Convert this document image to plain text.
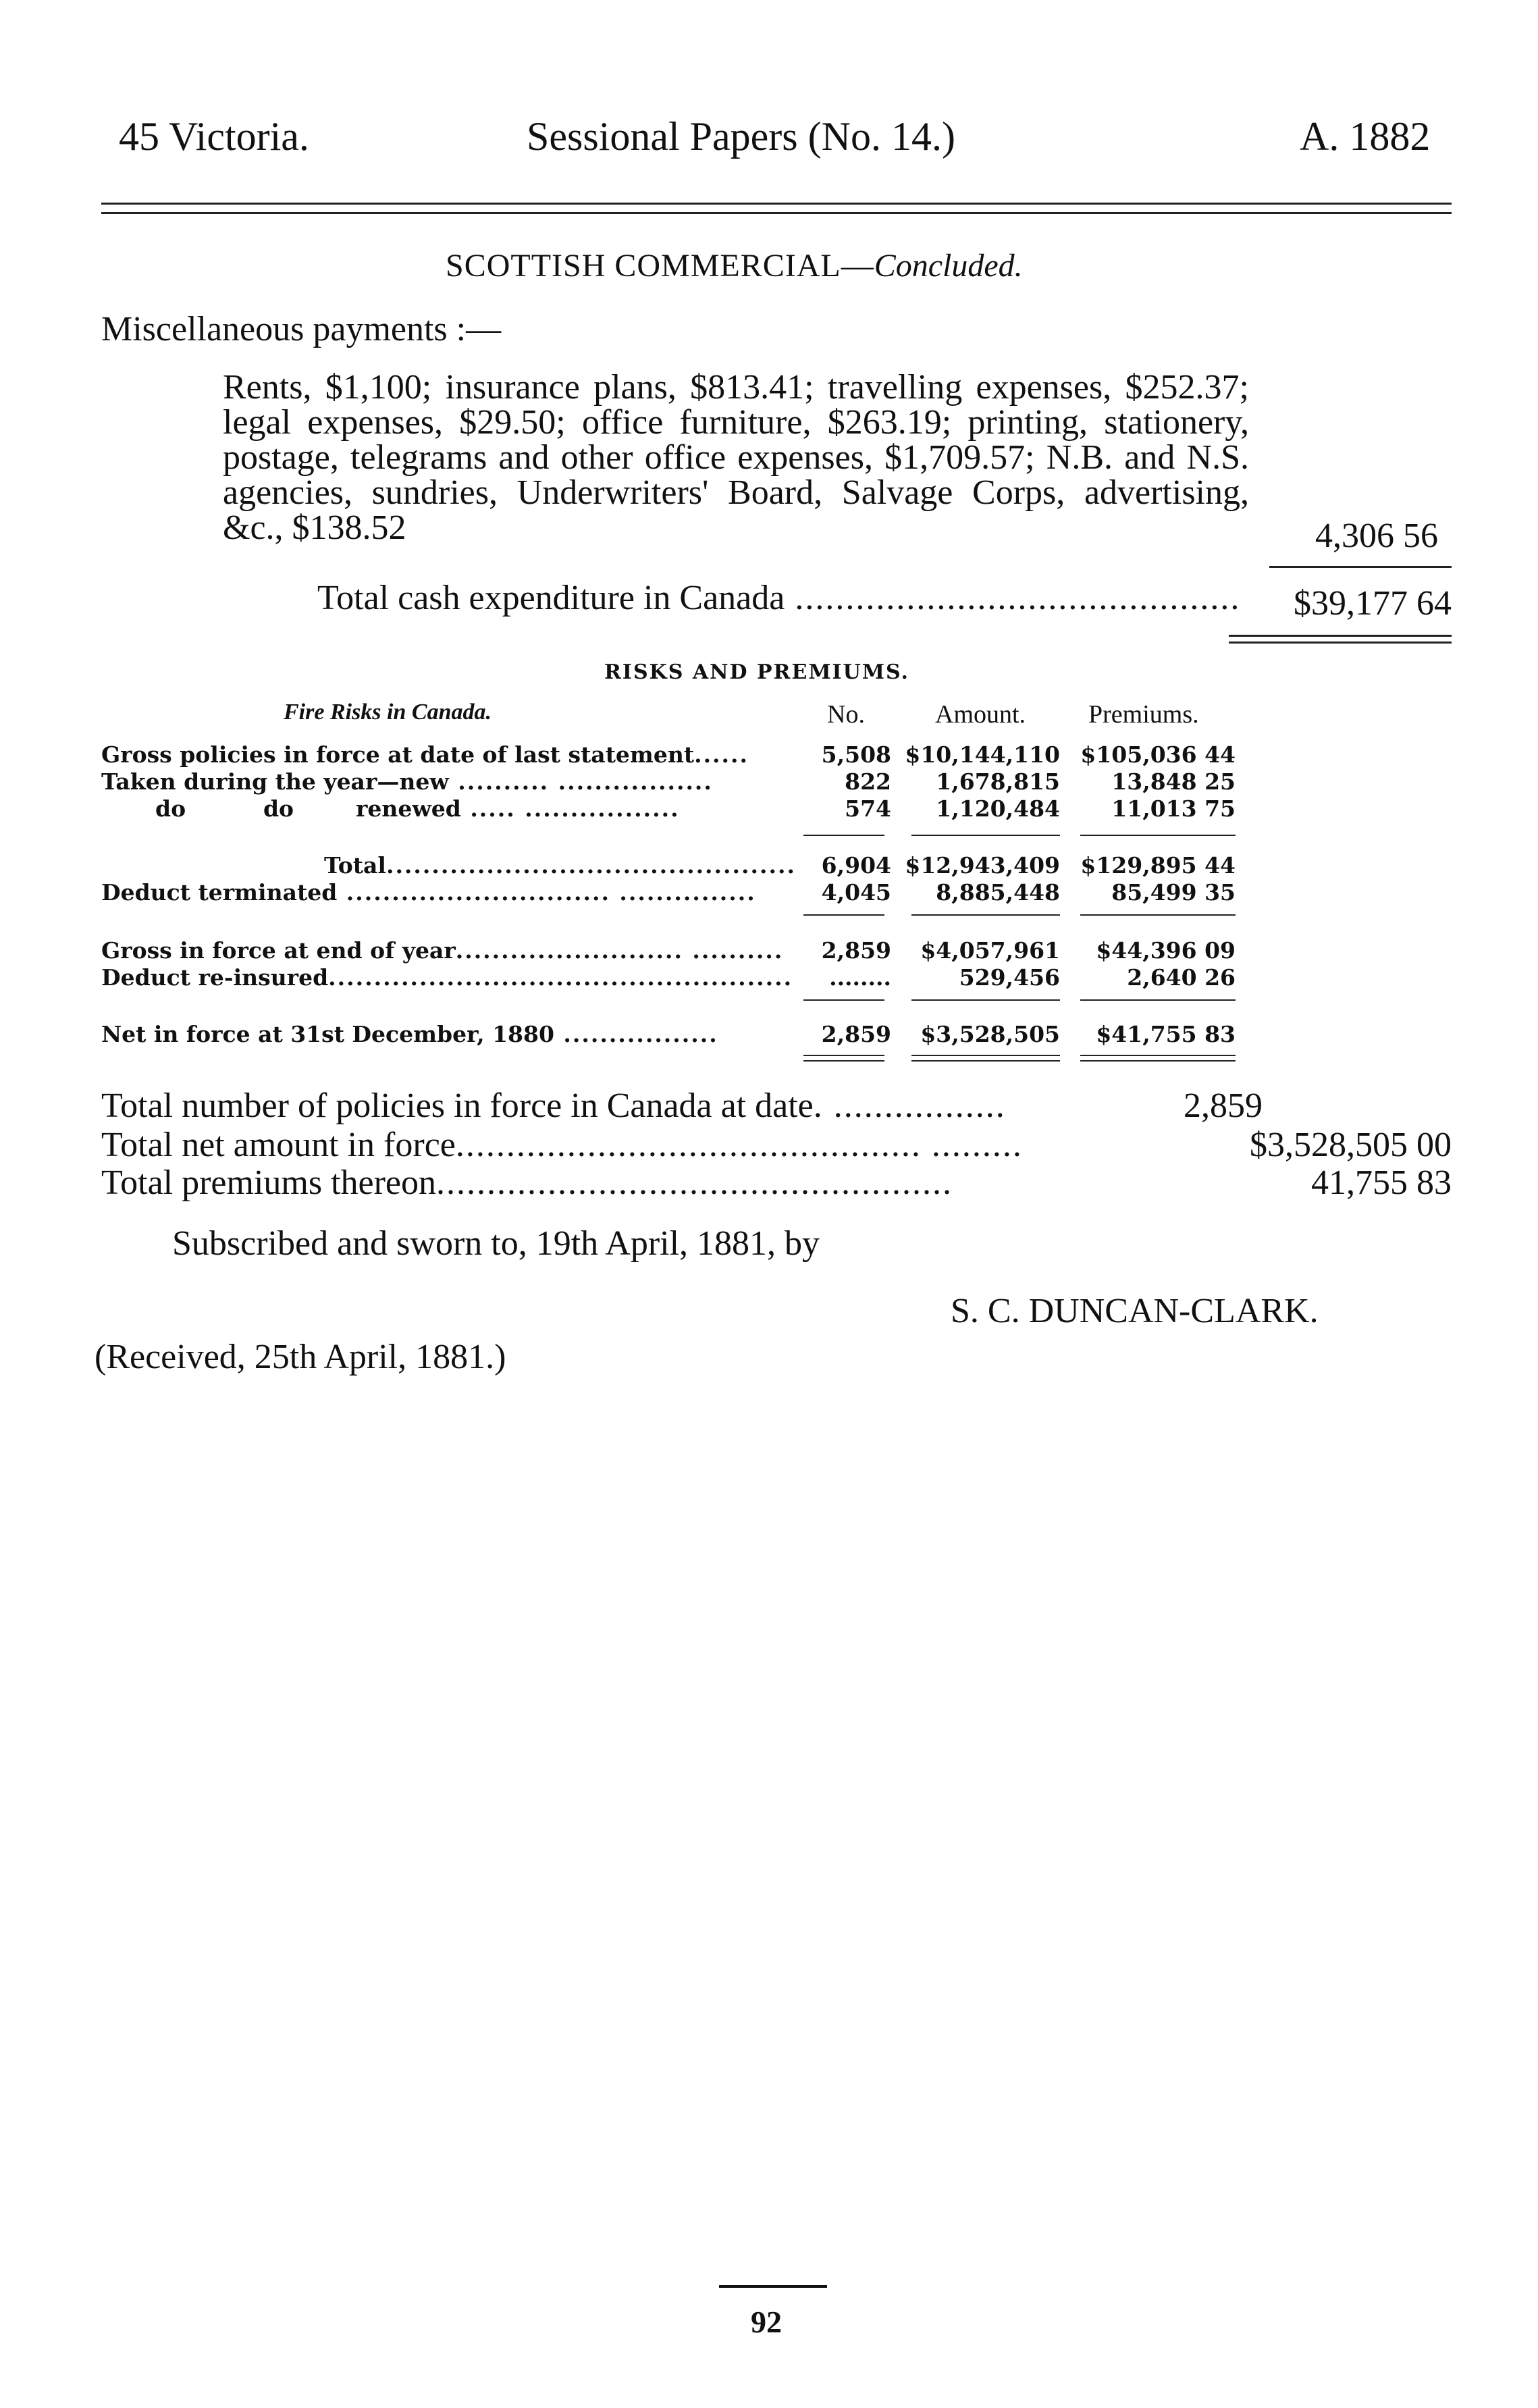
45 Victoria.	Sessional Papers (No. 14.)	A. 1882
SCOTTISH COMMERCIAL—Concluded.
Miscellaneous payments :—
Rents, $1,100; insurance plans, $813.41; travelling expenses, $252.37; legal expenses, $29.50; office furniture, $263.19; printing, stationery, postage, telegrams and other office expenses, $1,709.57; N.B. and N.S. agencies, sundries, Underwriters' Board, Salvage Corps, advertising, &c., $138.52	4,306 56
Total cash expenditure in Canada ............................................	$39,177 64
RISKS AND PREMIUMS.
Fire Risks in Canada.	No.	Amount. Premiums.
Gross policies in force at date of last statement......	5,508 $10,144,110 $105,036 44
Taken during the year—new .......... .................	822	1,678,815	13,848 25
do          do        renewed ..... .................	574	1,120,484	11,013 75
Total.............................................	6,904 $12,943,409 $129,895 44
Deduct terminated ............................. ...............	4,045	8,885,448	85,499 35
Gross in force at end of year......................... ..........	2,859	$4,057,961	$44,396 09
Deduct re-insured...................................................	........	529,456	2,640 26
Net in force at 31st December, 1880 .................	2,859	$3,528,505	$41,755 83
Total number of policies in force in Canada at date. .................	2,859
Total net amount in force.............................................. .........	$3,528,505 00
Total premiums thereon...................................................	41,755 83
Subscribed and sworn to, 19th April, 1881, by
S. C. DUNCAN-CLARK.
(Received, 25th April, 1881.)
92
